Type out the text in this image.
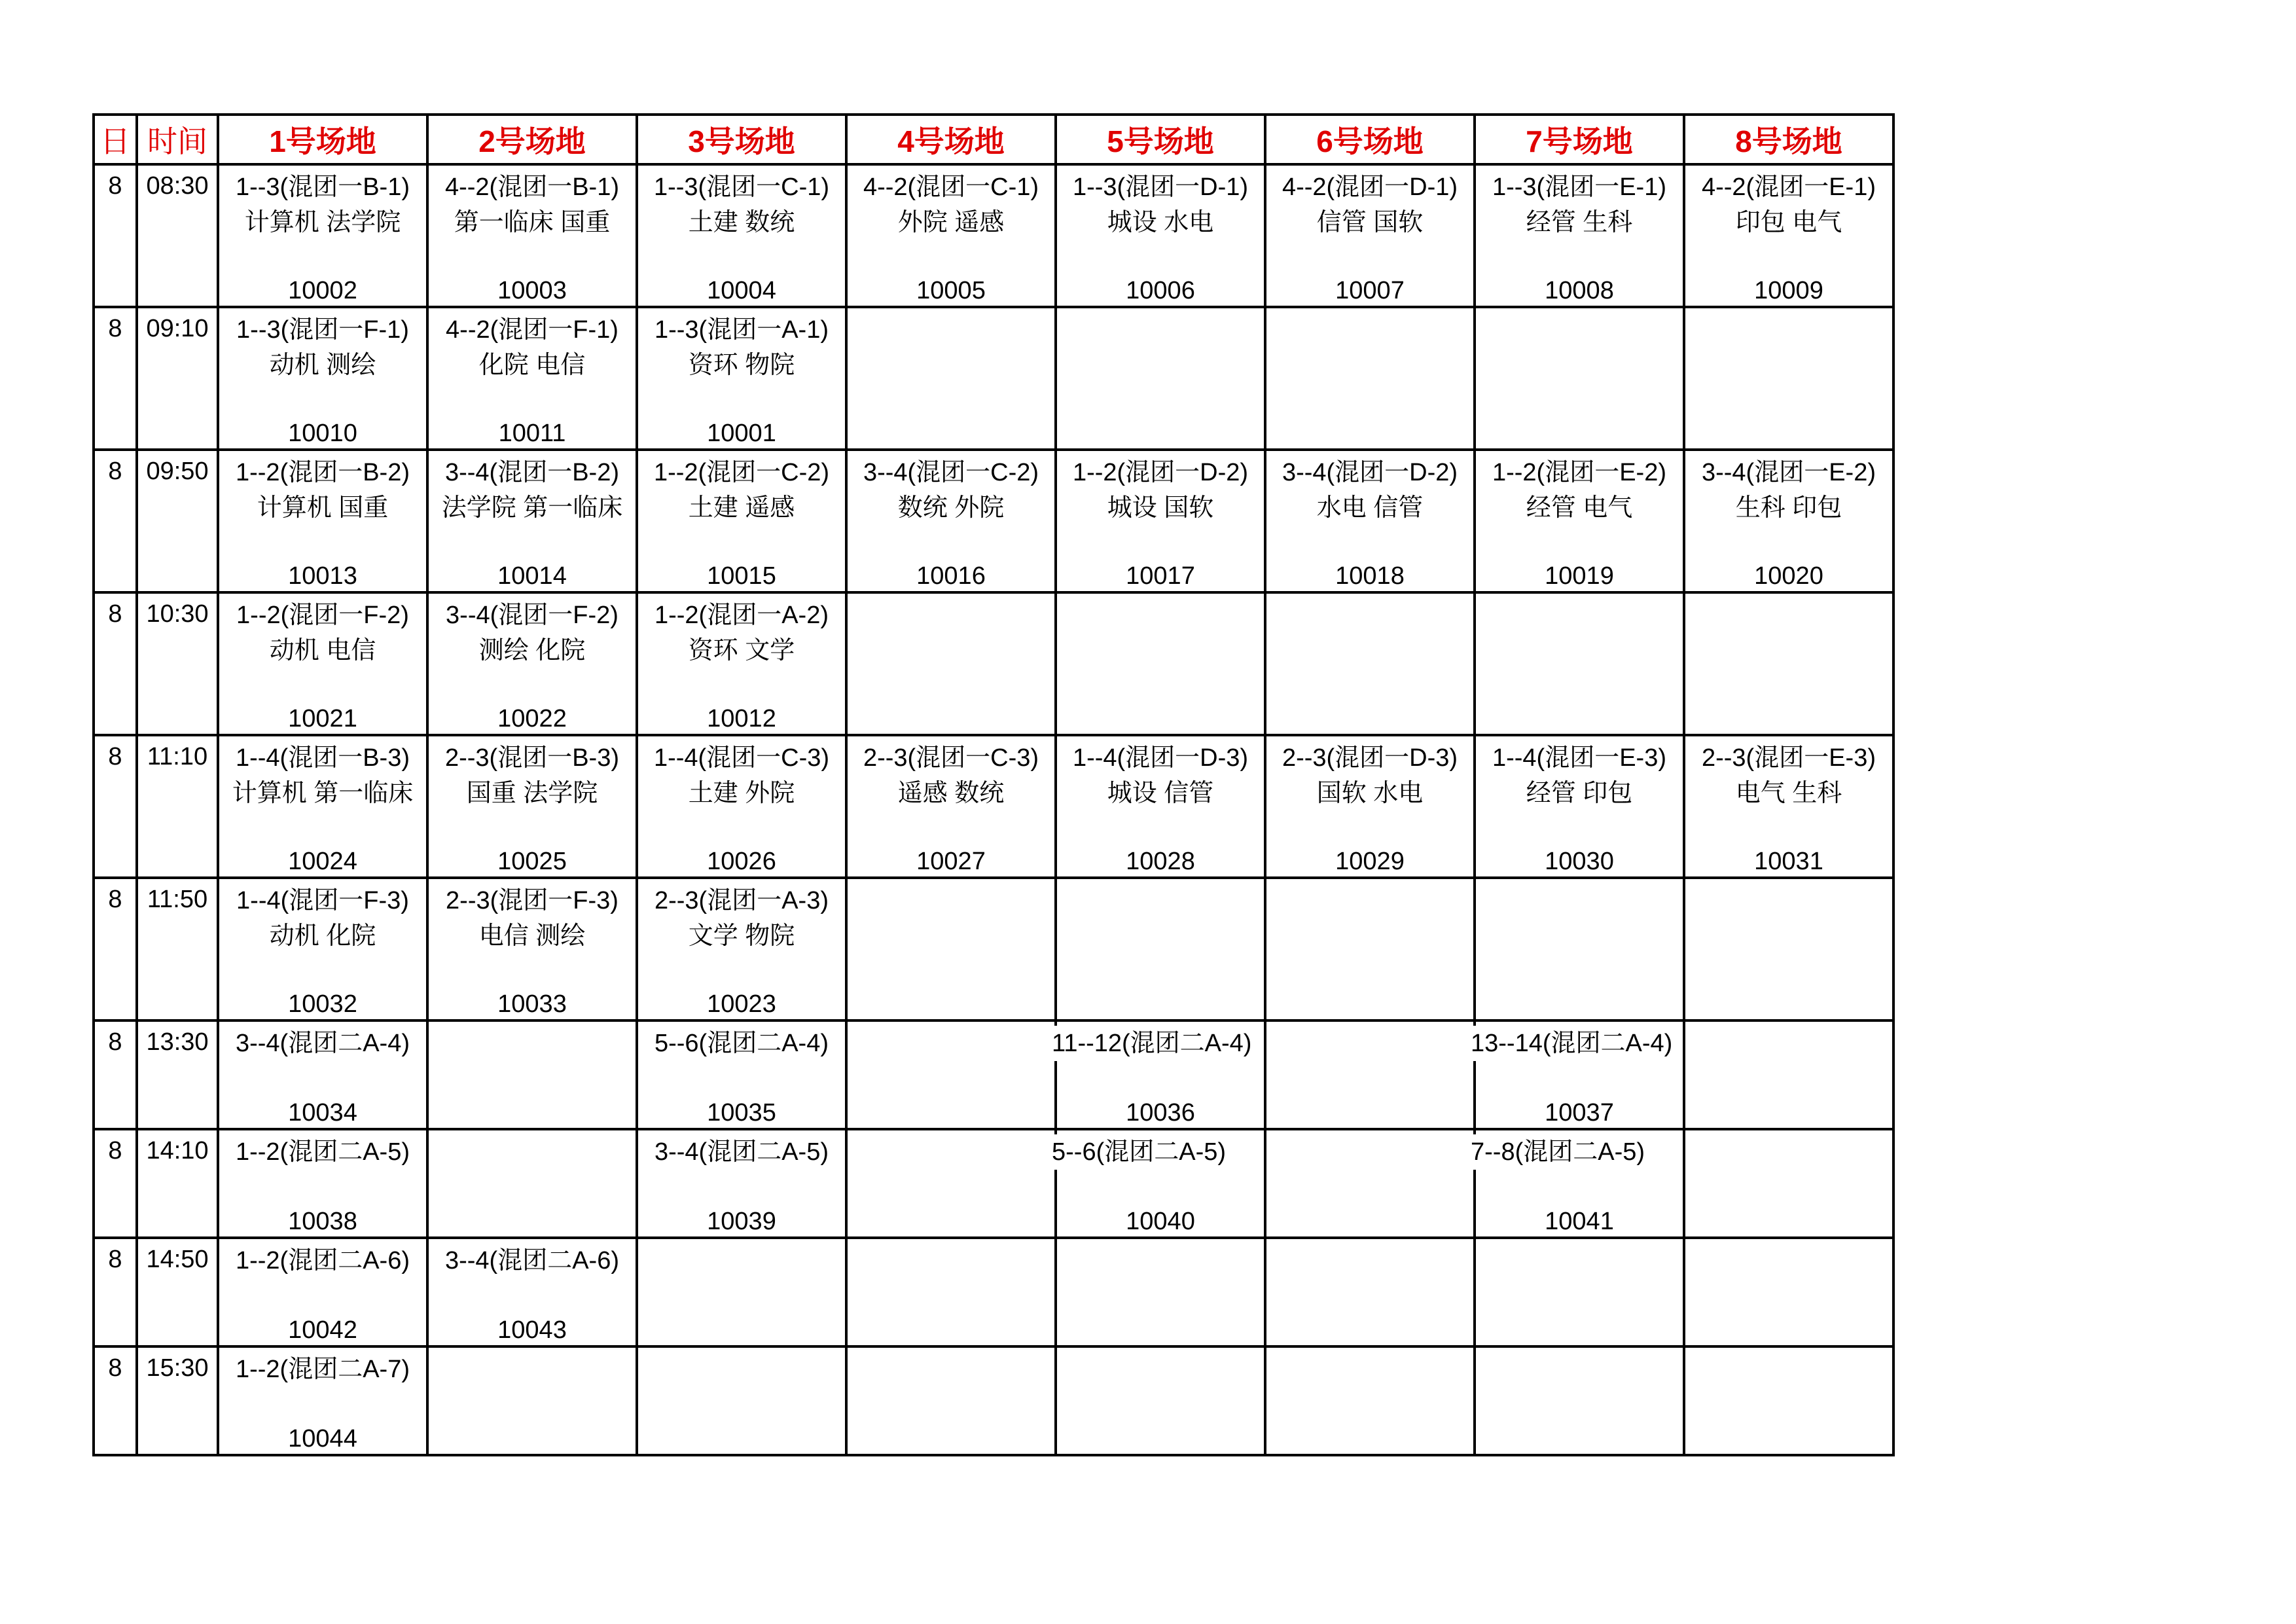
日	时间	1号场地	2号场地	3号场地	4号场地	5号场地	6号场地	7号场地	8号场地
8	08:30	1--3(混团一B-1)
计算机 法学院
10002	4--2(混团一B-1)
第一临床 国重
10003	1--3(混团一C-1)
土建 数统
10004	4--2(混团一C-1)
外院 遥感
10005	1--3(混团一D-1)
城设 水电
10006	4--2(混团一D-1)
信管 国软
10007	1--3(混团一E-1)
经管 生科
10008	4--2(混团一E-1)
印包 电气
10009

8	09:10	1--3(混团一F-1)
动机 测绘
10010	4--2(混团一F-1)
化院 电信
10011	1--3(混团一A-1)
资环 物院
10001					

8	09:50	1--2(混团一B-2)
计算机 国重
10013	3--4(混团一B-2)
法学院 第一临床
10014	1--2(混团一C-2)
土建 遥感
10015	3--4(混团一C-2)
数统 外院
10016	1--2(混团一D-2)
城设 国软
10017	3--4(混团一D-2)
水电 信管
10018	1--2(混团一E-2)
经管 电气
10019	3--4(混团一E-2)
生科 印包
10020

8	10:30	1--2(混团一F-2)
动机 电信
10021	3--4(混团一F-2)
测绘 化院
10022	1--2(混团一A-2)
资环 文学
10012					

8	11:10	1--4(混团一B-3)
计算机 第一临床
10024	2--3(混团一B-3)
国重 法学院
10025	1--4(混团一C-3)
土建 外院
10026	2--3(混团一C-3)
遥感 数统
10027	1--4(混团一D-3)
城设 信管
10028	2--3(混团一D-3)
国软 水电
10029	1--4(混团一E-3)
经管 印包
10030	2--3(混团一E-3)
电气 生科
10031

8	11:50	1--4(混团一F-3)
动机 化院
10032	2--3(混团一F-3)
电信 测绘
10033	2--3(混团一A-3)
文学 物院
10023					

8	13:30	3--4(混团二A-4)
10034		5--6(混团二A-4)
10035		11--12(混团二A-4)
10036		13--14(混团二A-4)
10037	

8	14:10	1--2(混团二A-5)
10038		3--4(混团二A-5)
10039		5--6(混团二A-5)
10040		7--8(混团二A-5)
10041	

8	14:50	1--2(混团二A-6)
10042	3--4(混团二A-6)
10043						

8	15:30	1--2(混团二A-7)
10044							
